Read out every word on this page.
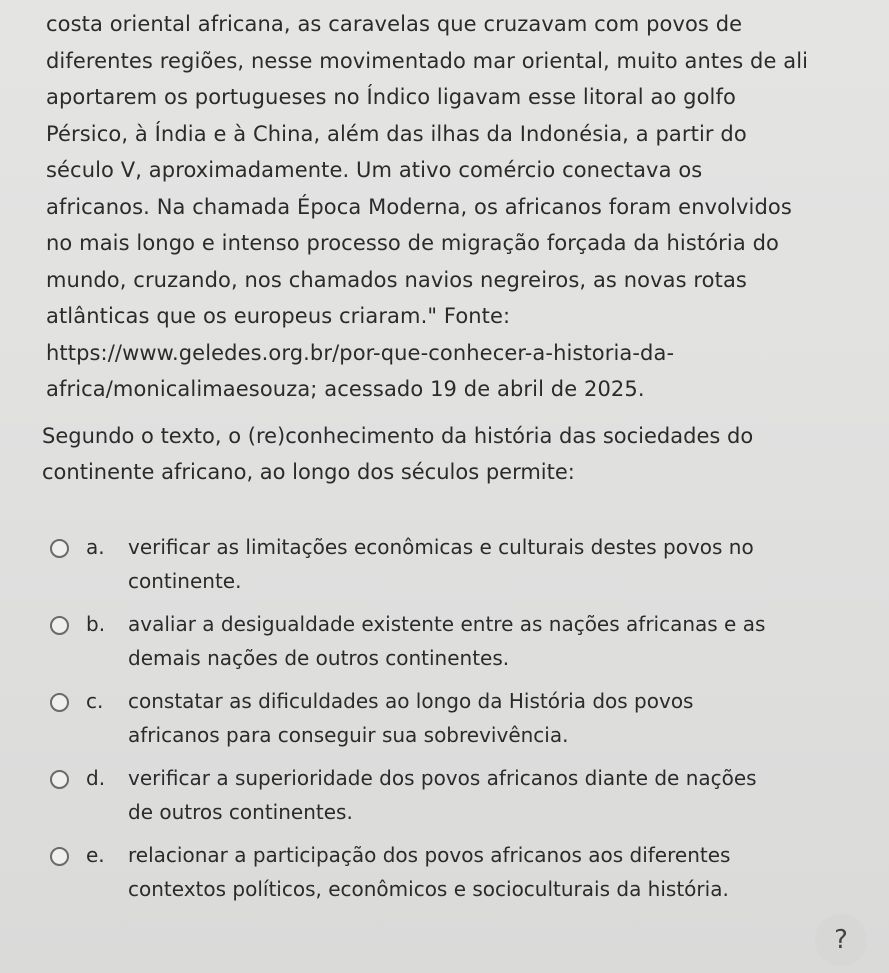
costa oriental africana, as caravelas que cruzavam com povos de
diferentes regiões, nesse movimentado mar oriental, muito antes de ali
aportarem os portugueses no Índico ligavam esse litoral ao golfo
Pérsico, à Índia e à China, além das ilhas da Indonésia, a partir do
século V, aproximadamente. Um ativo comércio conectava os
africanos. Na chamada Época Moderna, os africanos foram envolvidos
no mais longo e intenso processo de migração forçada da história do
mundo, cruzando, nos chamados navios negreiros, as novas rotas
atlânticas que os europeus criaram." Fonte:
https://www.geledes.org.br/por-que-conhecer-a-historia-da-
africa/monicalimaesouza; acessado 19 de abril de 2025.
Segundo o texto, o (re)conhecimento da história das sociedades do
continente africano, ao longo dos séculos permite:
a. verificar as limitações econômicas e culturais destes povos no
continente.
b. avaliar a desigualdade existente entre as nações africanas e as
demais nações de outros continentes.
c. constatar as dificuldades ao longo da História dos povos
africanos para conseguir sua sobrevivência.
d. verificar a superioridade dos povos africanos diante de nações
de outros continentes.
e. relacionar a participação dos povos africanos aos diferentes
contextos políticos, econômicos e socioculturais da história.
?
